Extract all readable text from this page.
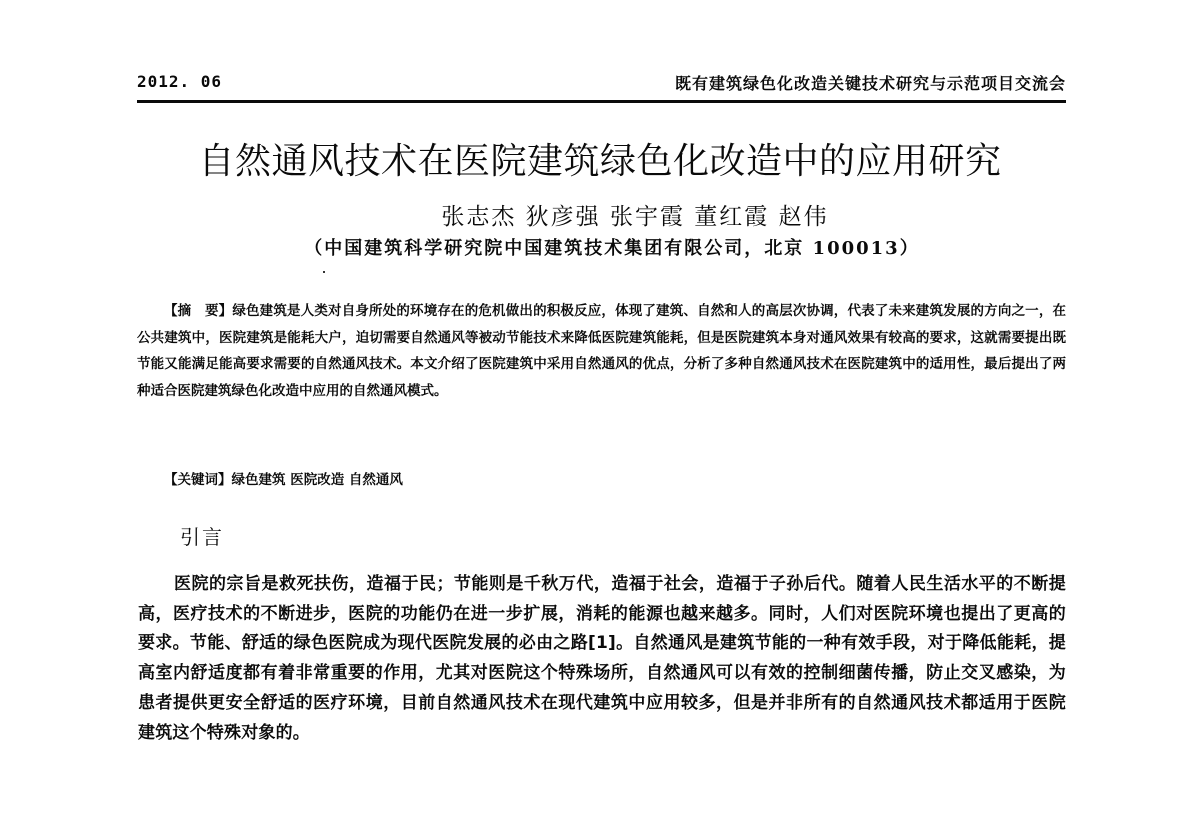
2012. 06	既有建筑绿色化改造关键技术研究与示范项目交流会
自然通风技术在医院建筑绿色化改造中的应用研究
张志杰 狄彦强 张宇霞 董红霞 赵伟
（中国建筑科学研究院中国建筑技术集团有限公司，北京 100013）

【摘　要】绿色建筑是人类对自身所处的环境存在的危机做出的积极反应，体现了建筑、自然和人的高层次协调，代表了未来建筑发展的方向之一，在公共建筑中，医院建筑是能耗大户，迫切需要自然通风等被动节能技术来降低医院建筑能耗，但是医院建筑本身对通风效果有较高的要求，这就需要提出既节能又能满足能高要求需要的自然通风技术。本文介绍了医院建筑中采用自然通风的优点，分析了多种自然通风技术在医院建筑中的适用性，最后提出了两种适合医院建筑绿色化改造中应用的自然通风模式。

【关键词】绿色建筑 医院改造 自然通风
引言

医院的宗旨是救死扶伤，造福于民；节能则是千秋万代，造福于社会，造福于子孙后代。随着人民生活水平的不断提高，医疗技术的不断进步，医院的功能仍在进一步扩展，消耗的能源也越来越多。同时，人们对医院环境也提出了更高的要求。节能、舒适的绿色医院成为现代医院发展的必由之路[1]。自然通风是建筑节能的一种有效手段，对于降低能耗，提高室内舒适度都有着非常重要的作用，尤其对医院这个特殊场所，自然通风可以有效的控制细菌传播，防止交叉感染，为患者提供更安全舒适的医疗环境，目前自然通风技术在现代建筑中应用较多，但是并非所有的自然通风技术都适用于医院建筑这个特殊对象的。
